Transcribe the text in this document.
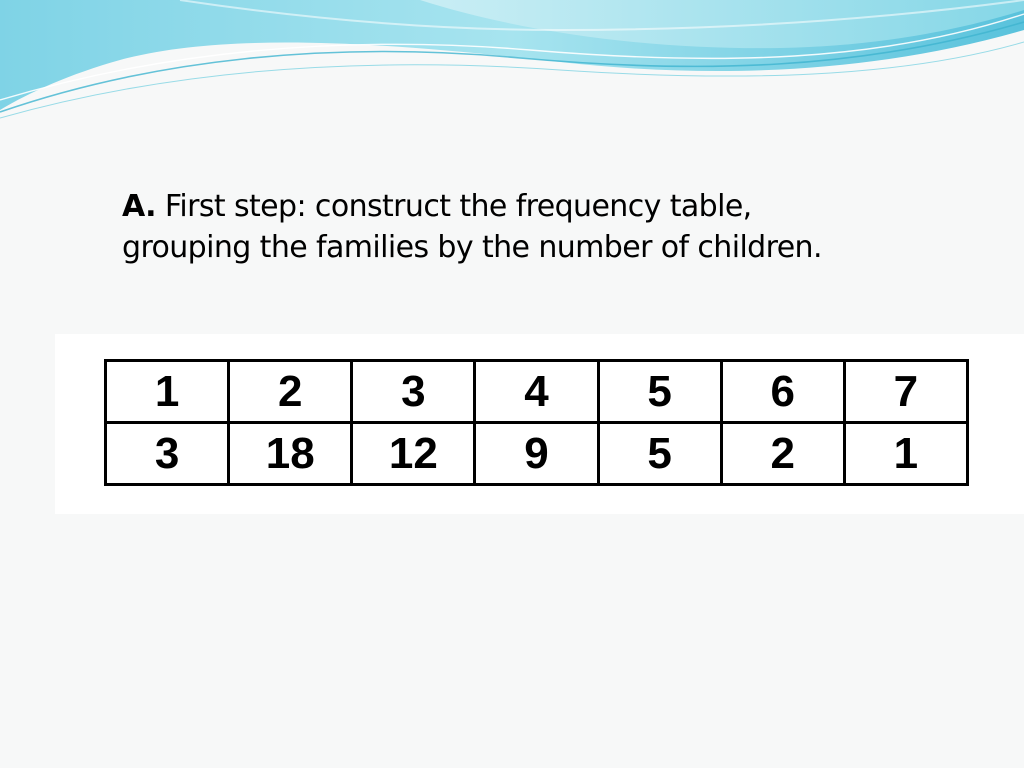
A. First step: construct the frequency table,
grouping the families by the number of children.
1	2	3	4	5	6	7
3	18	12	9	5	2	1
